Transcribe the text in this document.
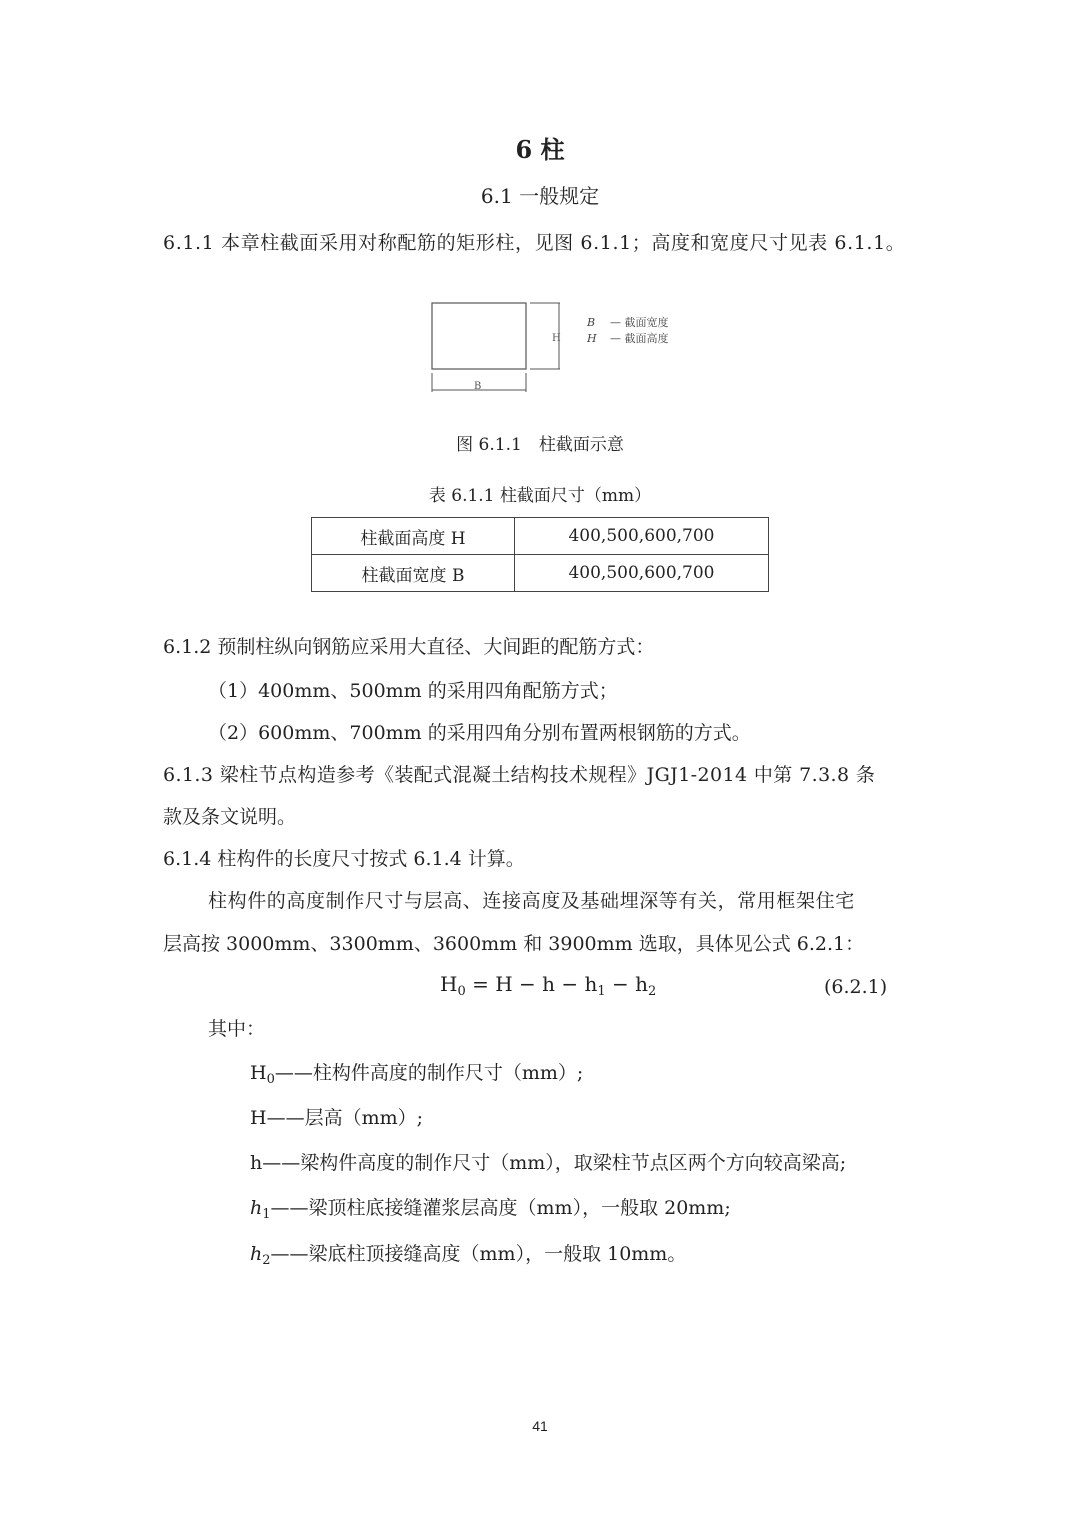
6 柱
6.1 一般规定
6.1.1 本章柱截面采用对称配筋的矩形柱，见图 6.1.1；高度和宽度尺寸见表 6.1.1。
H
B
B — 截面宽度
H — 截面高度
图 6.1.1　柱截面示意
表 6.1.1 柱截面尺寸（mm）
柱截面高度 H	400,500,600,700
柱截面宽度 B	400,500,600,700
6.1.2 预制柱纵向钢筋应采用大直径、大间距的配筋方式：
（1）400mm、500mm 的采用四角配筋方式；
（2）600mm、700mm 的采用四角分别布置两根钢筋的方式。
6.1.3 梁柱节点构造参考《装配式混凝土结构技术规程》JGJ1-2014 中第 7.3.8 条
款及条文说明。
6.1.4 柱构件的长度尺寸按式 6.1.4 计算。
柱构件的高度制作尺寸与层高、连接高度及基础埋深等有关，常用框架住宅
层高按 3000mm、3300mm、3600mm 和 3900mm 选取，具体见公式 6.2.1：
$H_0 = H - h - h_1 - h_2$	(6.2.1)
其中：
$H_0——$柱构件高度的制作尺寸（mm）;
H——层高（mm）;
h——梁构件高度的制作尺寸（mm），取梁柱节点区两个方向较高梁高;
$h_1——$梁顶柱底接缝灌浆层高度（mm），一般取 20mm;
$h_2——$梁底柱顶接缝高度（mm），一般取 10mm。
41
